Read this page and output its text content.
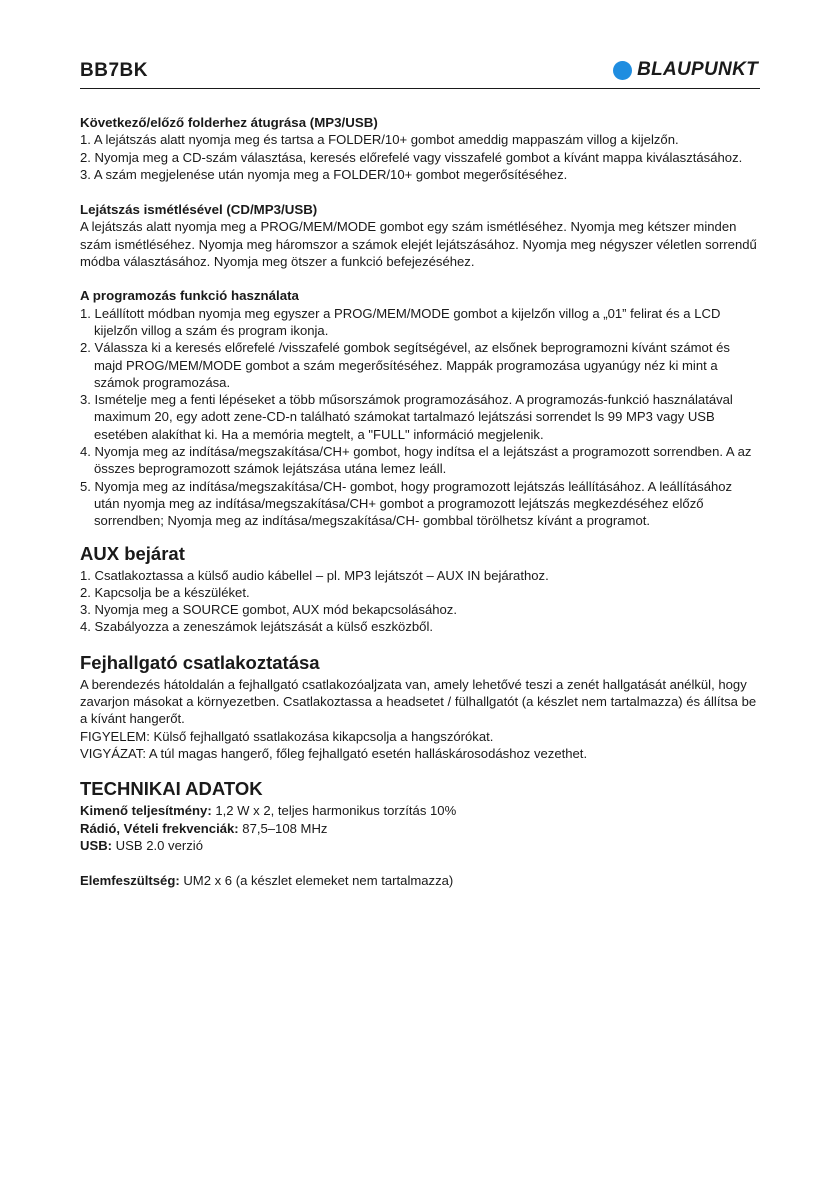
BB7BK	BLAUPUNKT

Következő/előző folderhez átugrása (MP3/USB)

1. A lejátszás alatt nyomja meg és tartsa a FOLDER/10+ gombot ameddig mappaszám villog a kijelzőn.
2. Nyomja meg a CD-szám választása, keresés előrefelé vagy visszafelé gombot a kívánt mappa kiválasztásához.
3. A szám megjelenése után nyomja meg a FOLDER/10+ gombot megerősítéséhez.

Lejátszás ismétlésével (CD/MP3/USB)

A lejátszás alatt nyomja meg a PROG/MEM/MODE gombot egy szám ismétléséhez. Nyomja meg kétszer minden szám ismétléséhez. Nyomja meg háromszor a számok elejét lejátszásához. Nyomja meg négyszer véletlen sorrendű módba választásához. Nyomja meg ötszer a funkció befejezéséhez.

A programozás funkció használata

1. Leállított módban nyomja meg egyszer a PROG/MEM/MODE gombot a kijelzőn villog a „01” felirat és a LCD kijelzőn villog a szám és program ikonja.
2. Válassza ki a keresés előrefelé /visszafelé gombok segítségével, az elsőnek beprogramozni kívánt számot és majd PROG/MEM/MODE gombot a szám megerősítéséhez. Mappák programozása ugyanúgy néz ki mint a számok programozása.
3. Ismételje meg a fenti lépéseket a több műsorszámok programozásához. A programozás-funkció használatával maximum 20, egy adott zene-CD-n található számokat tartalmazó lejátszási sorrendet ls 99 MP3 vagy USB esetében alakíthat ki. Ha a memória megtelt, a "FULL" információ megjelenik.
4. Nyomja meg az indítása/megszakítása/CH+ gombot, hogy indítsa el a lejátszást a programozott sorrendben. A az összes beprogramozott számok lejátszása utána lemez leáll.
5. Nyomja meg az indítása/megszakítása/CH- gombot, hogy programozott lejátszás leállításához. A leállításához után nyomja meg az indítása/megszakítása/CH+ gombot a programozott lejátszás megkezdéséhez előző sorrendben; Nyomja meg az indítása/megszakítása/CH- gombbal törölhetsz kívánt a programot.

AUX bejárat

1. Csatlakoztassa a külső audio kábellel – pl. MP3 lejátszót – AUX IN bejárathoz.
2. Kapcsolja be a készüléket.
3. Nyomja meg a SOURCE gombot, AUX mód bekapcsolásához.
4. Szabályozza a zeneszámok lejátszását a külső eszközből.

Fejhallgató csatlakoztatása

A berendezés hátoldalán a fejhallgató csatlakozóaljzata van, amely lehetővé teszi a zenét hallgatását anélkül, hogy zavarjon másokat a környezetben. Csatlakoztassa a headsetet / fülhallgatót (a készlet nem tartalmazza) és állítsa be a kívánt hangerőt.

FIGYELEM: Külső fejhallgató ssatlakozása kikapcsolja a hangszórókat.

VIGYÁZAT: A túl magas hangerő, főleg fejhallgató esetén halláskárosodáshoz vezethet.

TECHNIKAI ADATOK

Kimenő teljesítmény: 1,2 W x 2, teljes harmonikus torzítás 10%

Rádió, Vételi frekvenciák: 87,5–108 MHz

USB: USB 2.0 verzió

Elemfeszültség: UM2 x 6 (a készlet elemeket nem tartalmazza)
